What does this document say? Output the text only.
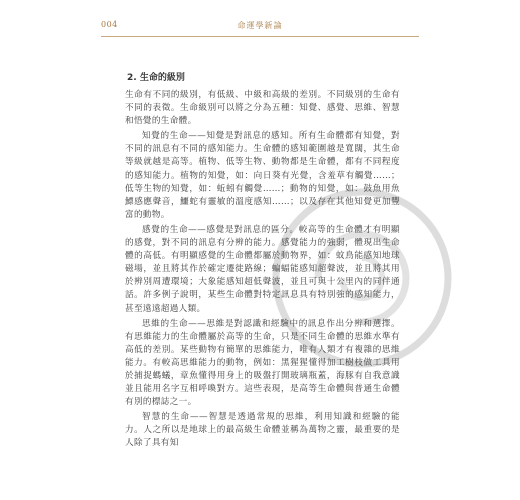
004	命運學新論
2. 生命的級別

生命有不同的級別，有低級、中級和高級的差別。不同級別的生命有不同的表徵。生命級別可以將之分為五種：知覺、感覺、思維、智慧和悟覺的生命體。

知覺的生命——知覺是對訊息的感知。所有生命體都有知覺，對不同的訊息有不同的感知能力。生命體的感知範圍越是寬闊，其生命等級就越是高等。植物、低等生物、動物都是生命體，都有不同程度的感知能力。植物的知覺，如：向日葵有光覺，含羞草有觸覺……；低等生物的知覺，如：蚯蚓有觸覺……；動物的知覺，如：鼓魚用魚鰾感應聲音，鱷蛇有靈敏的溫度感知……；以及存在其他知覺更加豐富的動物。

感覺的生命——感覺是對訊息的區分。較高等的生命體才有明顯的感覺，對不同的訊息有分辨的能力。感覺能力的強弱，體現出生命體的高低。有明顯感覺的生命體都屬於動物界，如：蚊鳥能感知地球磁場，並且將其作於確定遷徙路線；蝙蝠能感知超聲波，並且將其用於辨別周遭環境；大象能感知超低聲波，並且可與十公里內的同伴通話。許多例子說明，某些生命體對特定訊息具有特別強的感知能力，甚至遠遠超過人類。

思維的生命——思維是對認識和經驗中的訊息作出分辨和選擇。有思維能力的生命體屬於高等的生命，只是不同生命體的思維水準有高低的差別。某些動物有簡單的思維能力，唯有人類才有複雜的思維能力。有較高思維能力的動物，例如：黑猩猩懂得加工樹枝做工具用於捕捉螞蟻，章魚懂得用身上的吸盤打開玻璃瓶蓋，海豚有自我意識並且能用名字互相呼喚對方。這些表現，是高等生命體與普通生命體有別的標誌之一。

智慧的生命——智慧是透過常規的思維，利用知識和經驗的能力。人之所以是地球上的最高級生命體並稱為萬物之靈，最重要的是人除了具有知
